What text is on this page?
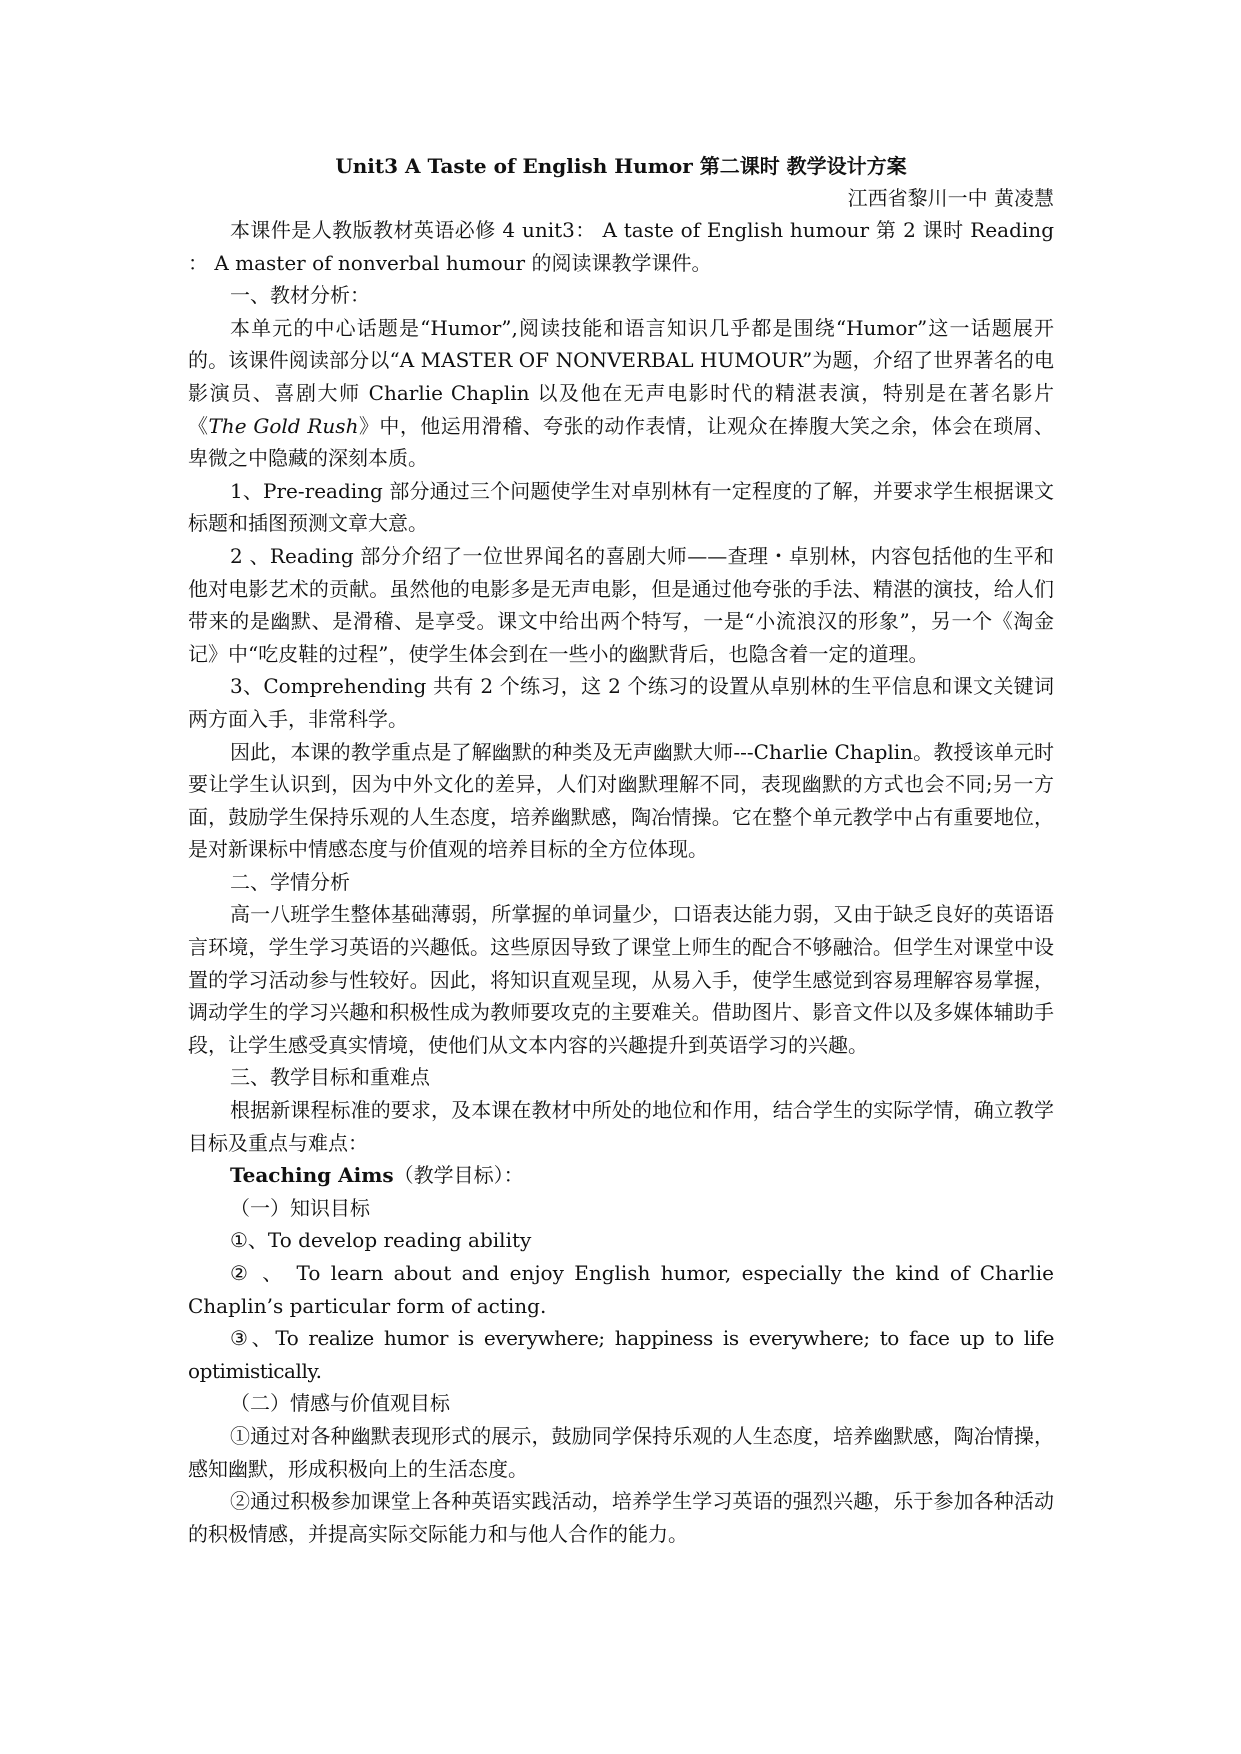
Unit3 A Taste of English Humor 第二课时 教学设计方案
江西省黎川一中 黄凌慧

本课件是人教版教材英语必修 4 unit3： A taste of English humour 第 2 课时 Reading ： A master of nonverbal humour 的阅读课教学课件。

一、教材分析：

本单元的中心话题是“Humor”,阅读技能和语言知识几乎都是围绕“Humor”这一话题展开的。该课件阅读部分以“A MASTER OF NONVERBAL HUMOUR”为题，介绍了世界著名的电影演员、喜剧大师 Charlie Chaplin 以及他在无声电影时代的精湛表演，特别是在著名影片《The Gold Rush》中，他运用滑稽、夸张的动作表情，让观众在捧腹大笑之余，体会在琐屑、卑微之中隐藏的深刻本质。

1、Pre-reading 部分通过三个问题使学生对卓别林有一定程度的了解，并要求学生根据课文标题和插图预测文章大意。

2 、Reading 部分介绍了一位世界闻名的喜剧大师——查理・卓别林，内容包括他的生平和他对电影艺术的贡献。虽然他的电影多是无声电影，但是通过他夸张的手法、精湛的演技，给人们带来的是幽默、是滑稽、是享受。课文中给出两个特写，一是“小流浪汉的形象”，另一个《淘金记》中“吃皮鞋的过程”，使学生体会到在一些小的幽默背后，也隐含着一定的道理。

3、Comprehending 共有 2 个练习，这 2 个练习的设置从卓别林的生平信息和课文关键词两方面入手，非常科学。

因此，本课的教学重点是了解幽默的种类及无声幽默大师---Charlie Chaplin。教授该单元时要让学生认识到，因为中外文化的差异，人们对幽默理解不同，表现幽默的方式也会不同;另一方面，鼓励学生保持乐观的人生态度，培养幽默感，陶冶情操。它在整个单元教学中占有重要地位，是对新课标中情感态度与价值观的培养目标的全方位体现。

二、学情分析

高一八班学生整体基础薄弱，所掌握的单词量少，口语表达能力弱，又由于缺乏良好的英语语言环境，学生学习英语的兴趣低。这些原因导致了课堂上师生的配合不够融洽。但学生对课堂中设置的学习活动参与性较好。因此，将知识直观呈现，从易入手，使学生感觉到容易理解容易掌握，调动学生的学习兴趣和积极性成为教师要攻克的主要难关。借助图片、影音文件以及多媒体辅助手段，让学生感受真实情境，使他们从文本内容的兴趣提升到英语学习的兴趣。

三、教学目标和重难点

根据新课程标准的要求，及本课在教材中所处的地位和作用，结合学生的实际学情，确立教学目标及重点与难点：

Teaching Aims（教学目标）：

（一）知识目标

①、To develop reading ability

② 、 To learn about and enjoy English humor, especially the kind of Charlie Chaplin’s particular form of acting.

③、To realize humor is everywhere; happiness is everywhere; to face up to life optimistically.

（二）情感与价值观目标

①通过对各种幽默表现形式的展示，鼓励同学保持乐观的人生态度，培养幽默感，陶冶情操，感知幽默，形成积极向上的生活态度。

②通过积极参加课堂上各种英语实践活动，培养学生学习英语的强烈兴趣，乐于参加各种活动的积极情感，并提高实际交际能力和与他人合作的能力。
